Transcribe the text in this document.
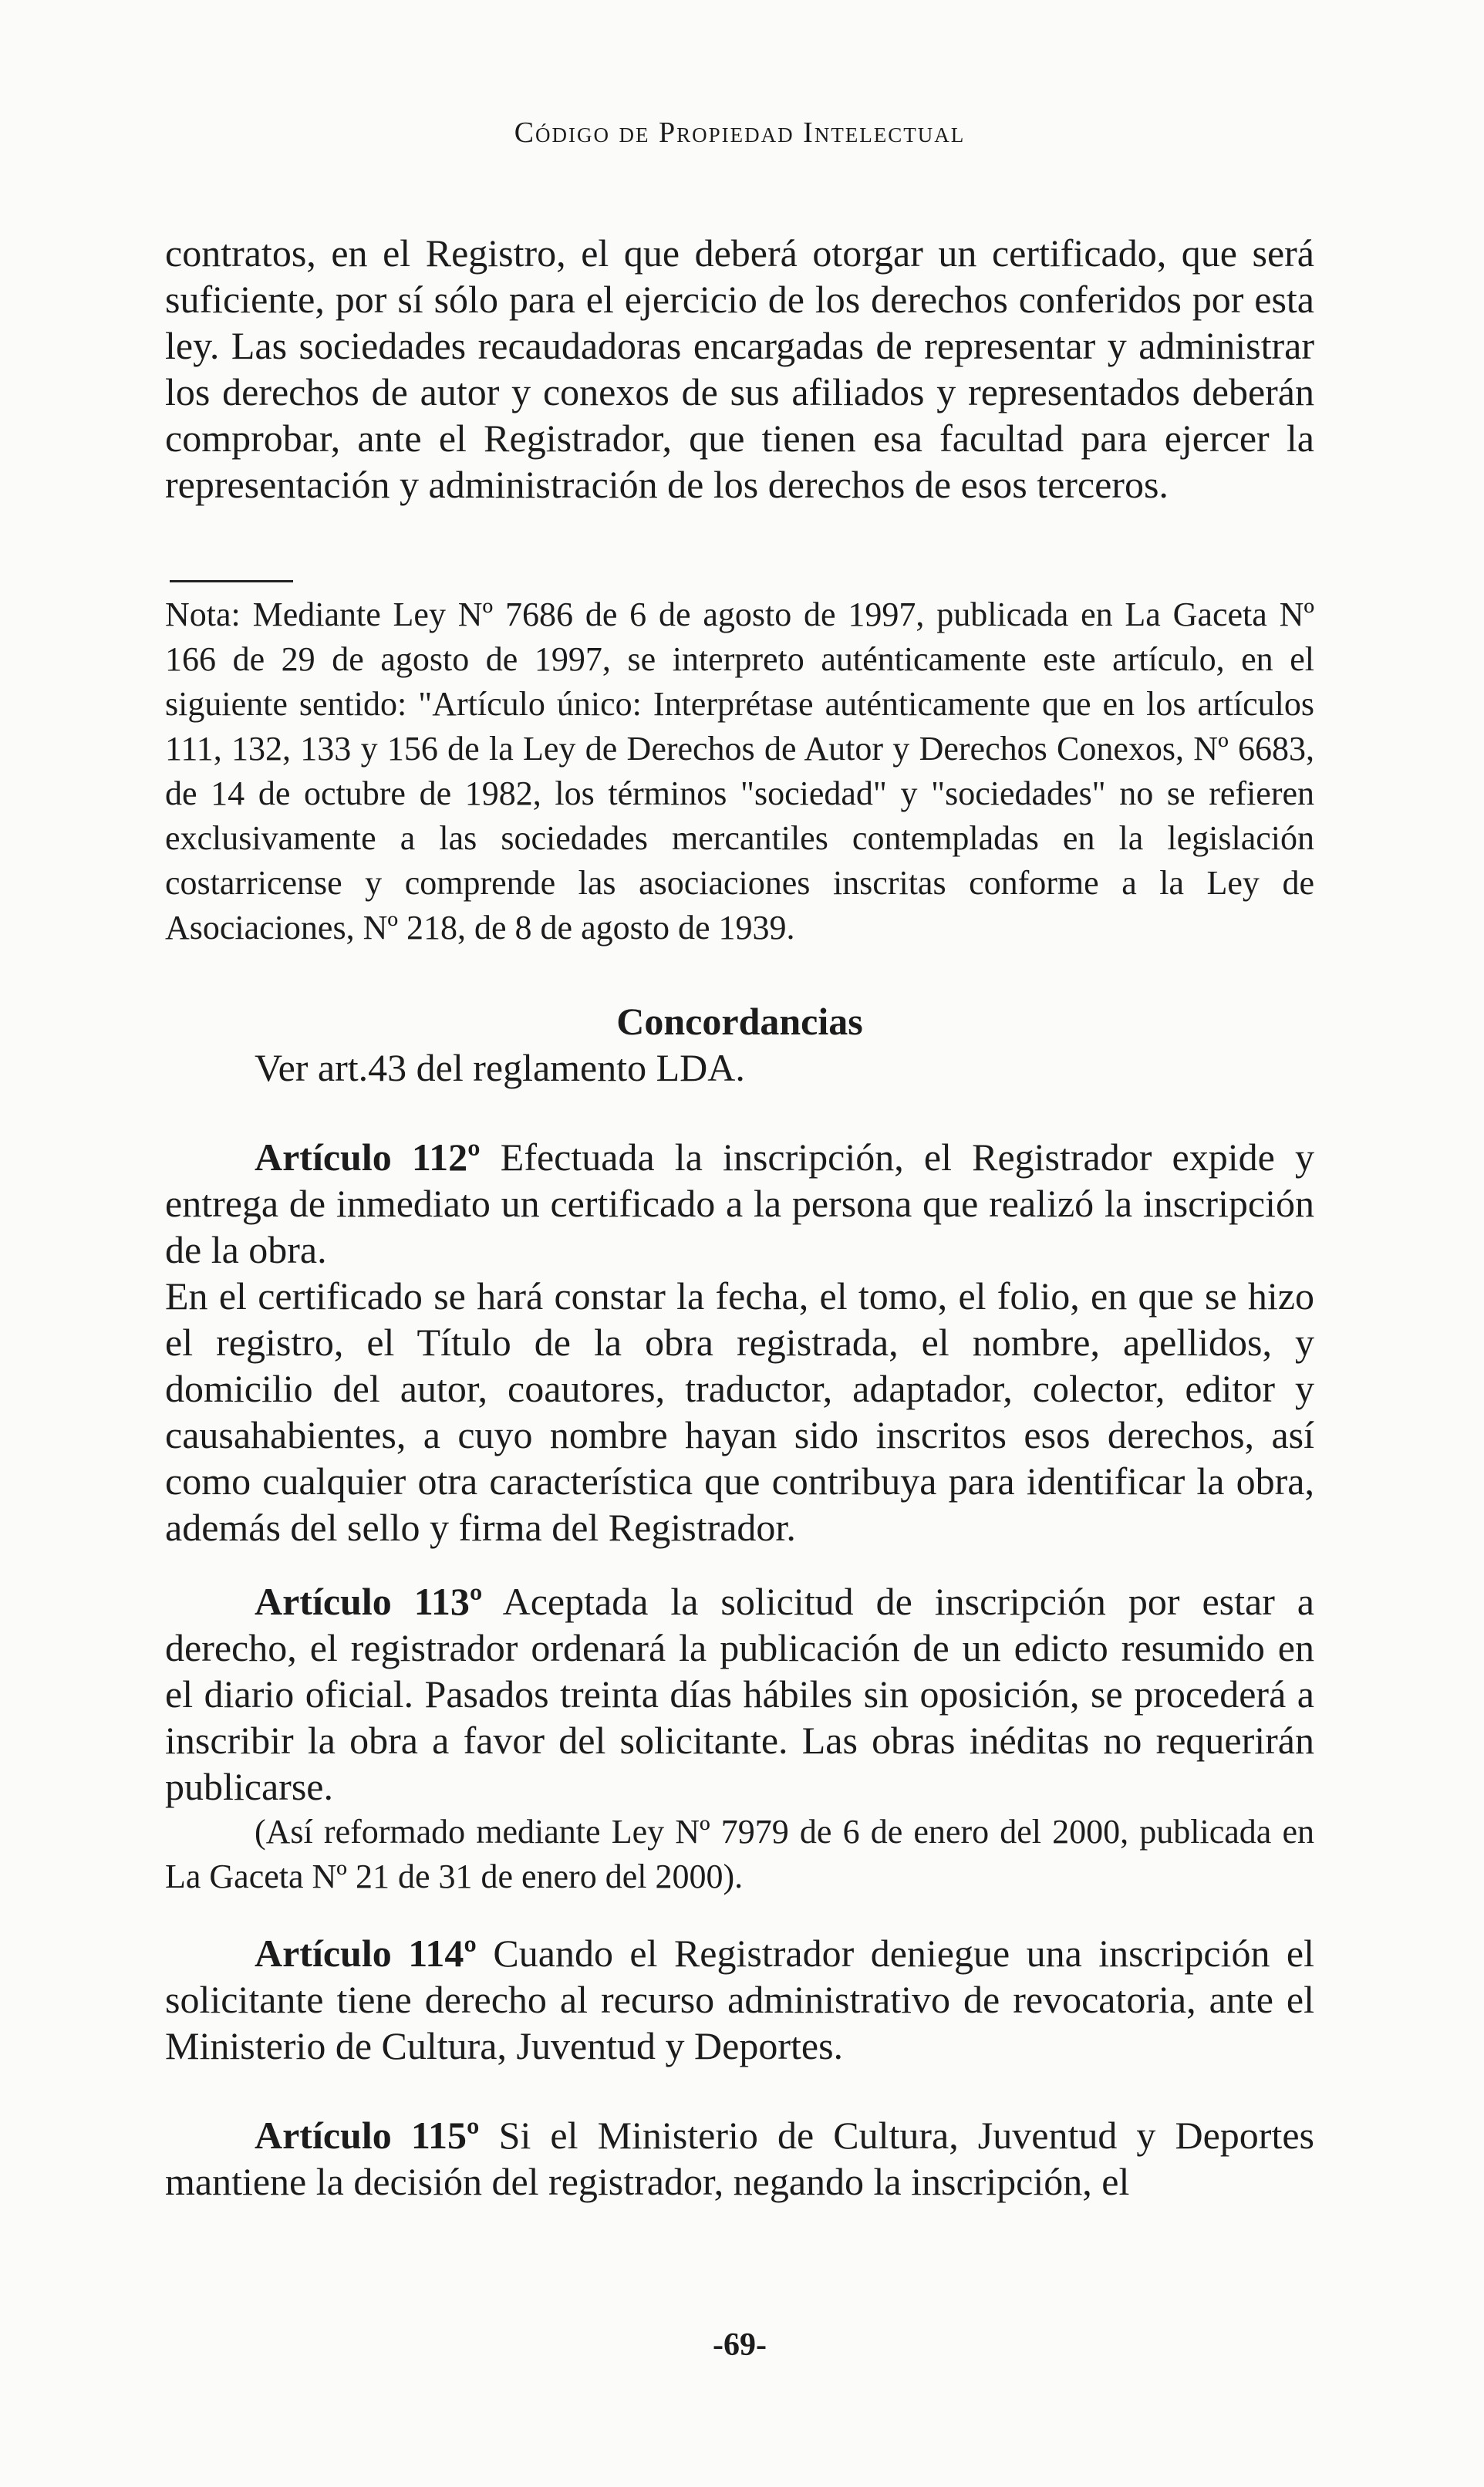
Código de Propiedad Intelectual

contratos, en el Registro, el que deberá otorgar un certificado, que será suficiente, por sí sólo para el ejercicio de los derechos conferidos por esta ley. Las sociedades recaudadoras encargadas de representar y administrar los derechos de autor y conexos de sus afiliados y representados deberán comprobar, ante el Registrador, que tienen esa facultad para ejercer la representación y administración de los derechos de esos terceros.

Nota: Mediante Ley Nº 7686 de 6 de agosto de 1997, publicada en La Gaceta Nº 166 de 29 de agosto de 1997, se interpreto auténticamente este artículo, en el siguiente sentido: "Artículo único: Interprétase auténticamente que en los artículos 111, 132, 133 y 156 de la Ley de Derechos de Autor y Derechos Conexos, Nº 6683, de 14 de octubre de 1982, los términos "sociedad" y "sociedades" no se refieren exclusivamente a las sociedades mercantiles contempladas en la legislación costarricense y comprende las asociaciones inscritas conforme a la Ley de Asociaciones, Nº 218, de 8 de agosto de 1939.

Concordancias

Ver art.43 del reglamento LDA.

Artículo 112º Efectuada la inscripción, el Registrador expide y entrega de inmediato un certificado a la persona que realizó la inscripción de la obra.

En el certificado se hará constar la fecha, el tomo, el folio, en que se hizo el registro, el Título de la obra registrada, el nombre, apellidos, y domicilio del autor, coautores, traductor, adaptador, colector, editor y causahabientes, a cuyo nombre hayan sido inscritos esos derechos, así como cualquier otra característica que contribuya para identificar la obra, además del sello y firma del Registrador.

Artículo 113º Aceptada la solicitud de inscripción por estar a derecho, el registrador ordenará la publicación de un edicto resumido en el diario oficial. Pasados treinta días hábiles sin oposición, se procederá a inscribir la obra a favor del solicitante. Las obras inéditas no requerirán publicarse.

(Así reformado mediante Ley Nº 7979 de 6 de enero del 2000, publicada en La Gaceta Nº 21 de 31 de enero del 2000).

Artículo 114º Cuando el Registrador deniegue una inscripción el solicitante tiene derecho al recurso administrativo de revocatoria, ante el Ministerio de Cultura, Juventud y Deportes.

Artículo 115º Si el Ministerio de Cultura, Juventud y Deportes mantiene la decisión del registrador, negando la inscripción, el

-69-
